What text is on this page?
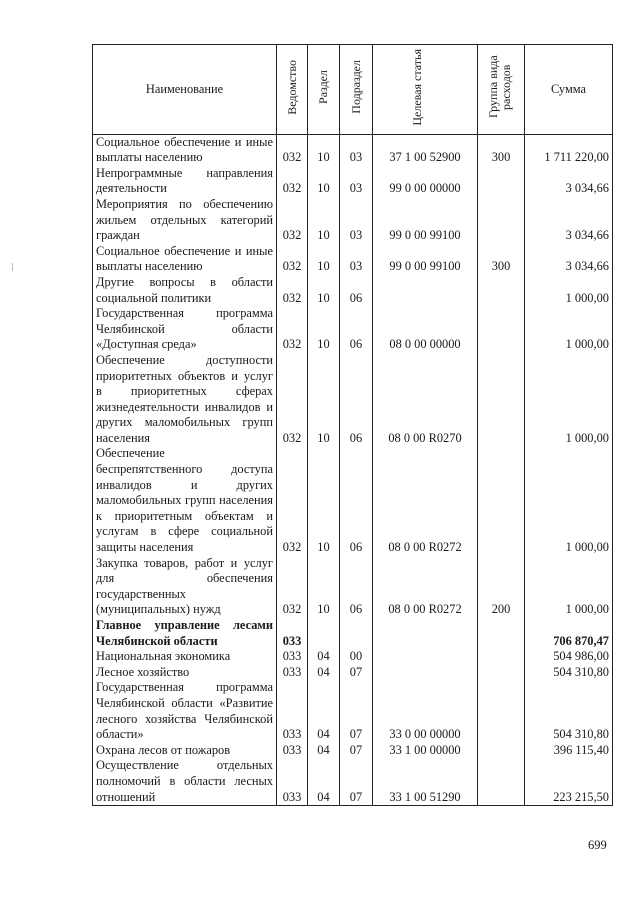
Наименование	Ведомство	Раздел	Подраздел	Целевая статья	Группа вида расходов	Сумма
Социальное обеспечение и иные выплаты населению	032	10	03	37 1 00 52900	300	1 711 220,00
Непрограммные направления деятельности	032	10	03	99 0 00 00000		3 034,66
Мероприятия по обеспечению жильем отдельных категорий граждан	032	10	03	99 0 00 99100		3 034,66
Социальное обеспечение и иные выплаты населению	032	10	03	99 0 00 99100	300	3 034,66
Другие вопросы в области социальной политики	032	10	06			1 000,00
Государственная программа Челябинской области «Доступная среда»	032	10	06	08 0 00 00000		1 000,00
Обеспечение доступности приоритетных объектов и услуг в приоритетных сферах жизнедеятельности инвалидов и других маломобильных групп населения	032	10	06	08 0 00 R0270		1 000,00
Обеспечение беспрепятственного доступа инвалидов и других маломобильных групп населения к приоритетным объектам и услугам в сфере социальной защиты населения	032	10	06	08 0 00 R0272		1 000,00
Закупка товаров, работ и услуг для обеспечения государственных (муниципальных) нужд	032	10	06	08 0 00 R0272	200	1 000,00
Главное управление лесами Челябинской области	033					706 870,47
Национальная экономика	033	04	00			504 986,00
Лесное хозяйство	033	04	07			504 310,80
Государственная программа Челябинской области «Развитие лесного хозяйства Челябинской области»	033	04	07	33 0 00 00000		504 310,80
Охрана лесов от пожаров	033	04	07	33 1 00 00000		396 115,40
Осуществление отдельных полномочий в области лесных отношений	033	04	07	33 1 00 51290		223 215,50
699
